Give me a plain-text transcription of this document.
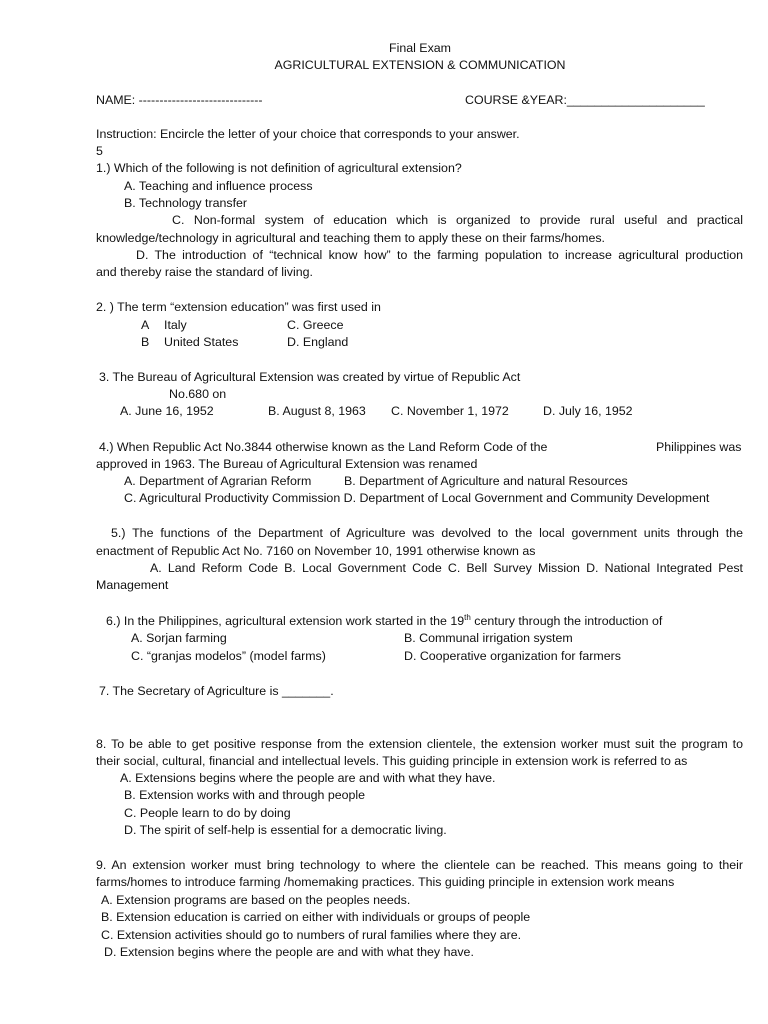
Final Exam
AGRICULTURAL EXTENSION & COMMUNICATION
NAME: ------------------------------	COURSE &YEAR:____________________
Instruction: Encircle the letter of your choice that corresponds to your answer.
5
1.) Which of the following is not definition of agricultural extension?
A. Teaching and influence process
B. Technology transfer
C. Non-formal system of education which is organized to provide rural useful and practical
knowledge/technology in agricultural and teaching them to apply these on their farms/homes.
D. The introduction of “technical know how” to the farming population to increase agricultural production
and thereby raise the standard of living.
2. ) The term “extension education” was first used in
A Italy	C. Greece
B United States	D. England
3. The Bureau of Agricultural Extension was created by virtue of Republic Act
No.680 on
A. June 16, 1952	B. August 8, 1963 C. November 1, 1972	D. July 16, 1952
4.) When Republic Act No.3844 otherwise known as the Land Reform Code of the	Philippines was
approved in 1963. The Bureau of Agricultural Extension was renamed
A. Department of Agrarian Reform	B. Department of Agriculture and natural Resources
C. Agricultural Productivity Commission D. Department of Local Government and Community Development
5.) The functions of the Department of Agriculture was devolved to the local government units through the
enactment of Republic Act No. 7160 on November 10, 1991 otherwise known as
A. Land Reform Code B. Local Government Code C. Bell Survey Mission D. National Integrated Pest
Management
6.) In the Philippines, agricultural extension work started in the 19th century through the introduction of
A. Sorjan farming	B. Communal irrigation system
C. “granjas modelos” (model farms)	D. Cooperative organization for farmers
7. The Secretary of Agriculture is _______.
8. To be able to get positive response from the extension clientele, the extension worker must suit the program to
their social, cultural, financial and intellectual levels. This guiding principle in extension work is referred to as
A. Extensions begins where the people are and with what they have.
B. Extension works with and through people
C. People learn to do by doing
D. The spirit of self-help is essential for a democratic living.
9. An extension worker must bring technology to where the clientele can be reached. This means going to their
farms/homes to introduce farming /homemaking practices. This guiding principle in extension work means
A. Extension programs are based on the peoples needs.
B. Extension education is carried on either with individuals or groups of people
C. Extension activities should go to numbers of rural families where they are.
D. Extension begins where the people are and with what they have.
